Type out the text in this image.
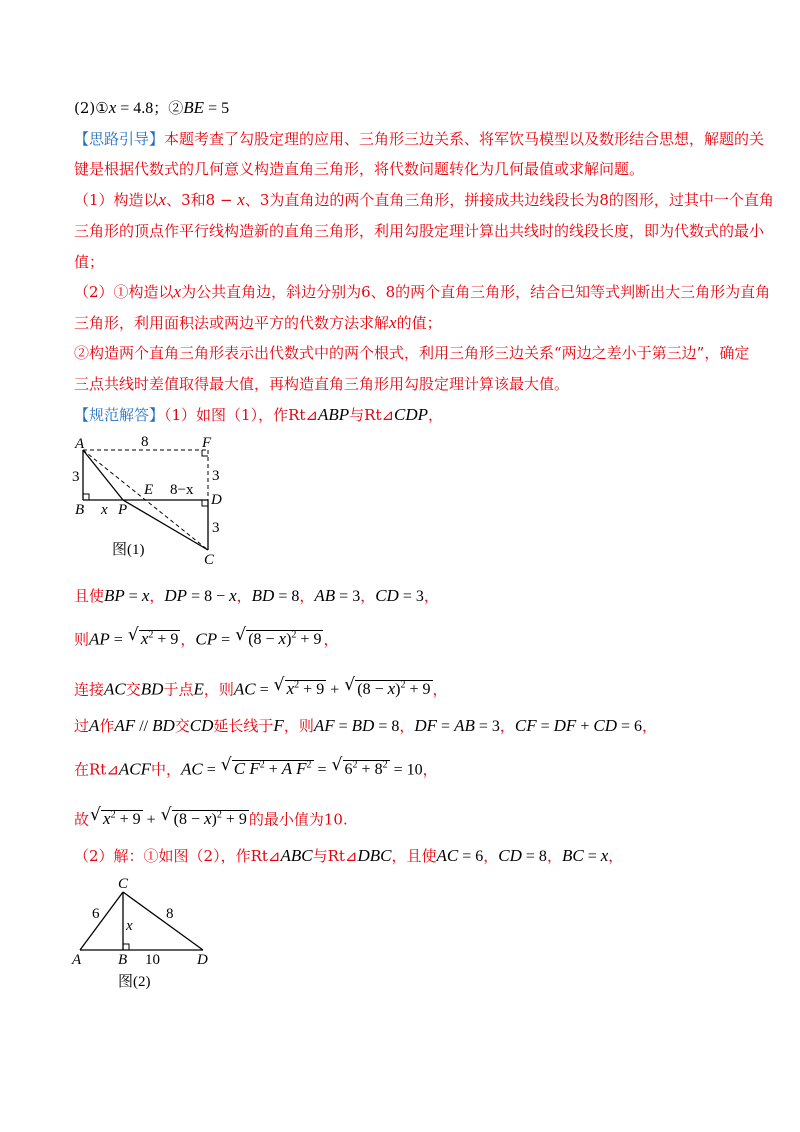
(2)①x = 4.8；②BE = 5
【思路引导】本题考查了勾股定理的应用、三角形三边关系、将军饮马模型以及数形结合思想，解题的关
键是根据代数式的几何意义构造直角三角形，将代数问题转化为几何最值或求解问题。
（1）构造以x、3和8 − x、3为直角边的两个直角三角形，拼接成共边线段长为8的图形，过其中一个直角
三角形的顶点作平行线构造新的直角三角形，利用勾股定理计算出共线时的线段长度，即为代数式的最小
值；
（2）①构造以x为公共直角边，斜边分别为6、8的两个直角三角形，结合已知等式判断出大三角形为直角
三角形，利用面积法或两边平方的代数方法求解x的值；
②构造两个直角三角形表示出代数式中的两个根式，利用三角形三边关系“两边之差小于第三边”，确定
三点共线时差值取得最大值，再构造直角三角形用勾股定理计算该最大值。
【规范解答】（1）如图（1），作Rt⊿ABP与Rt⊿CDP，
A	F
B P
E
D
C
x
8
3	3
3
8−x
图(1)
且使BP = x，DP = 8 − x，BD = 8，AB = 3，CD = 3，
则AP = √ $x^2 + 9$ ，CP = √ $(8 - x)^2 + 9$ ，
连接AC交BD于点E，则AC = √ $x^2 + 9$ + √ $(8 - x)^2 + 9$ ，
过A作AF // BD交CD延长线于F，则AF = BD = 8，DF = AB = 3，CF = DF + CD = 6，
在Rt⊿ACF中，AC = √ C $F^2 + A$ $F^2$ = √ $6^2 + 8^2 = 10$，
故√ $x^2 + 9$ + √ $(8 - x)^2 + 9$ 的最小值为10.
（2）解：①如图（2），作Rt⊿ABC与Rt⊿DBC，且使AC = 6，CD = 8，BC = x，
C
A B	D
x
6	8
10
图(2)
